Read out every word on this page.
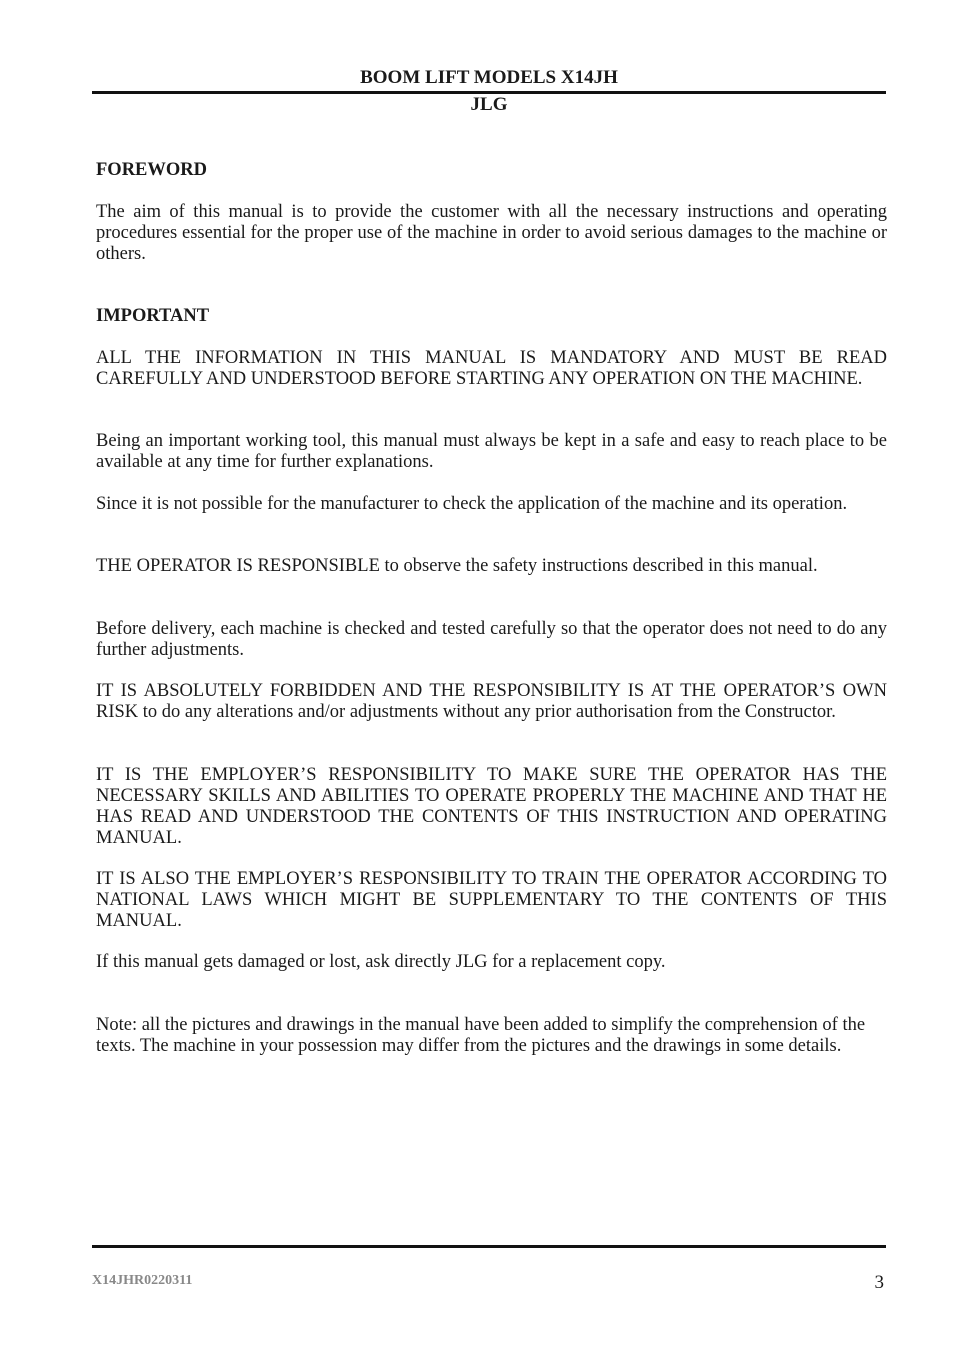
BOOM LIFT MODELS X14JH
JLG

FOREWORD

The aim of this manual is to provide the customer with all the necessary instructions and operating procedures essential for the proper use of the machine in order to avoid serious damages to the machine or others.

IMPORTANT

ALL THE INFORMATION IN THIS MANUAL IS MANDATORY AND MUST BE READ CAREFULLY AND UNDERSTOOD BEFORE STARTING ANY OPERATION ON THE MACHINE.

Being an important working tool, this manual must always be kept in a safe and easy to reach place to be available at any time for further explanations.

Since it is not possible for the manufacturer to check the application of the machine and its operation.

THE OPERATOR IS RESPONSIBLE to observe the safety instructions described in this manual.

Before delivery, each machine is checked and tested carefully so that the operator does not need to do any further adjustments.

IT IS ABSOLUTELY FORBIDDEN AND THE RESPONSIBILITY IS AT THE OPERATOR’S OWN RISK to do any alterations and/or adjustments without any prior authorisation from the Constructor.

IT IS THE EMPLOYER’S RESPONSIBILITY TO MAKE SURE THE OPERATOR HAS THE NECESSARY SKILLS AND ABILITIES TO OPERATE PROPERLY THE MACHINE AND THAT HE HAS READ AND UNDERSTOOD THE CONTENTS OF THIS INSTRUCTION AND OPERATING MANUAL.

IT IS ALSO THE EMPLOYER’S RESPONSIBILITY TO TRAIN THE OPERATOR ACCORDING TO NATIONAL LAWS WHICH MIGHT BE SUPPLEMENTARY TO THE CONTENTS OF THIS MANUAL.

If this manual gets damaged or lost, ask directly JLG for a replacement copy.

Note: all the pictures and drawings in the manual have been added to simplify the comprehension of the texts. The machine in your possession may differ from the pictures and the drawings in some details.

X14JHR0220311	3
